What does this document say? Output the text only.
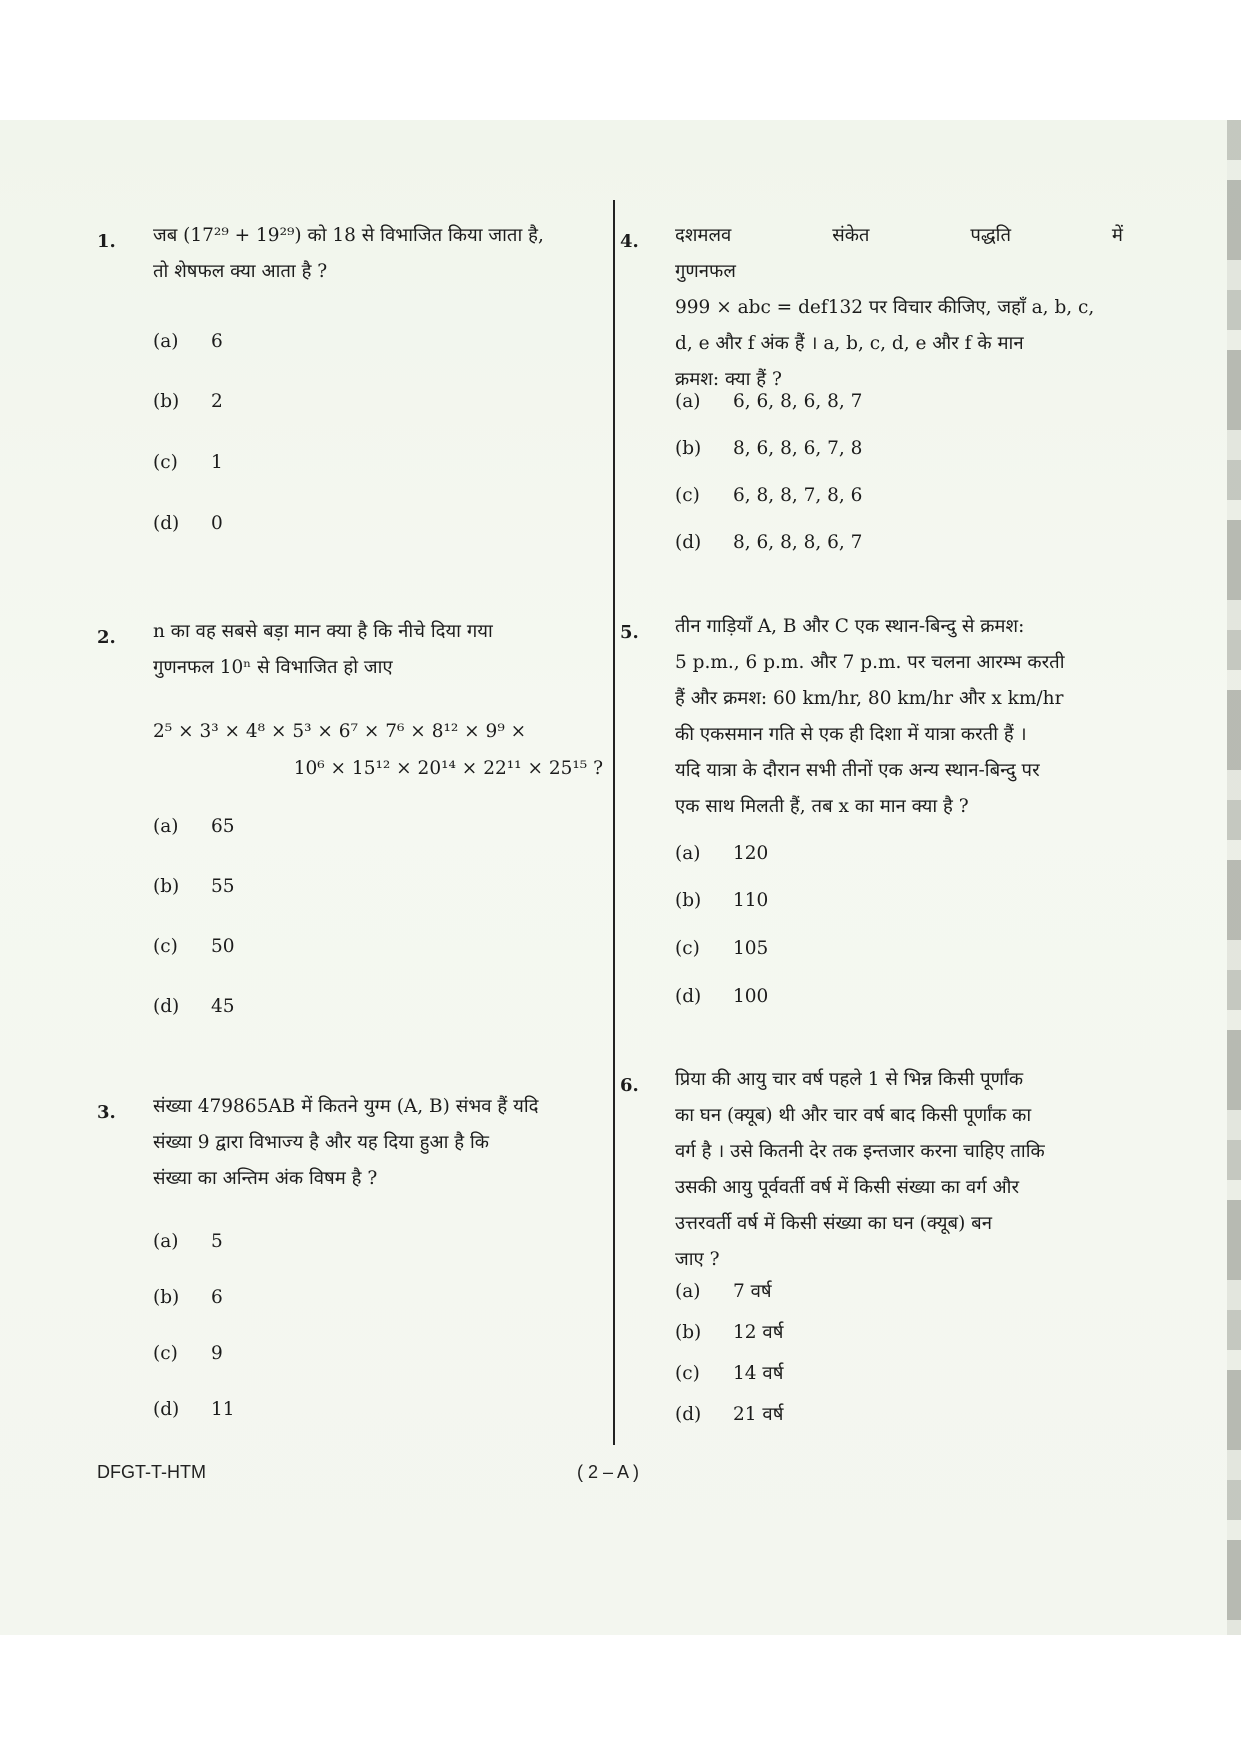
1. जब (17²⁹ + 19²⁹) को 18 से विभाजित किया जाता है,
तो शेषफल क्या आता है ?
(a) 6
(b) 2
(c) 1
(d) 0
2. n का वह सबसे बड़ा मान क्या है कि नीचे दिया गया
गुणनफल 10ⁿ से विभाजित हो जाए
2⁵ × 3³ × 4⁸ × 5³ × 6⁷ × 7⁶ × 8¹² × 9⁹ ×
10⁶ × 15¹² × 20¹⁴ × 22¹¹ × 25¹⁵ ?
(a) 65
(b) 55
(c) 50
(d) 45
3. संख्या 479865AB में कितने युग्म (A, B) संभव हैं यदि
संख्या 9 द्वारा विभाज्य है और यह दिया हुआ है कि
संख्या का अन्तिम अंक विषम है ?
(a) 5
(b) 6
(c) 9
(d) 11
4. दशमलव संकेत पद्धति में गुणनफल
999 × abc = def132 पर विचार कीजिए, जहाँ a, b, c,
d, e और f अंक हैं । a, b, c, d, e और f के मान
क्रमश: क्या हैं ?
(a) 6, 6, 8, 6, 8, 7
(b) 8, 6, 8, 6, 7, 8
(c) 6, 8, 8, 7, 8, 6
(d) 8, 6, 8, 8, 6, 7
5. तीन गाड़ियाँ A, B और C एक स्थान-बिन्दु से क्रमश:
5 p.m., 6 p.m. और 7 p.m. पर चलना आरम्भ करती
हैं और क्रमश: 60 km/hr, 80 km/hr और x km/hr
की एकसमान गति से एक ही दिशा में यात्रा करती हैं ।
यदि यात्रा के दौरान सभी तीनों एक अन्य स्थान-बिन्दु पर
एक साथ मिलती हैं, तब x का मान क्या है ?
(a) 120
(b) 110
(c) 105
(d) 100
6. प्रिया की आयु चार वर्ष पहले 1 से भिन्न किसी पूर्णांक
का घन (क्यूब) थी और चार वर्ष बाद किसी पूर्णांक का
वर्ग है । उसे कितनी देर तक इन्तजार करना चाहिए ताकि
उसकी आयु पूर्ववर्ती वर्ष में किसी संख्या का वर्ग और
उत्तरवर्ती वर्ष में किसी संख्या का घन (क्यूब) बन
जाए ?
(a) 7 वर्ष
(b) 12 वर्ष
(c) 14 वर्ष
(d) 21 वर्ष
DFGT-T-HTM	( 2 – A )
